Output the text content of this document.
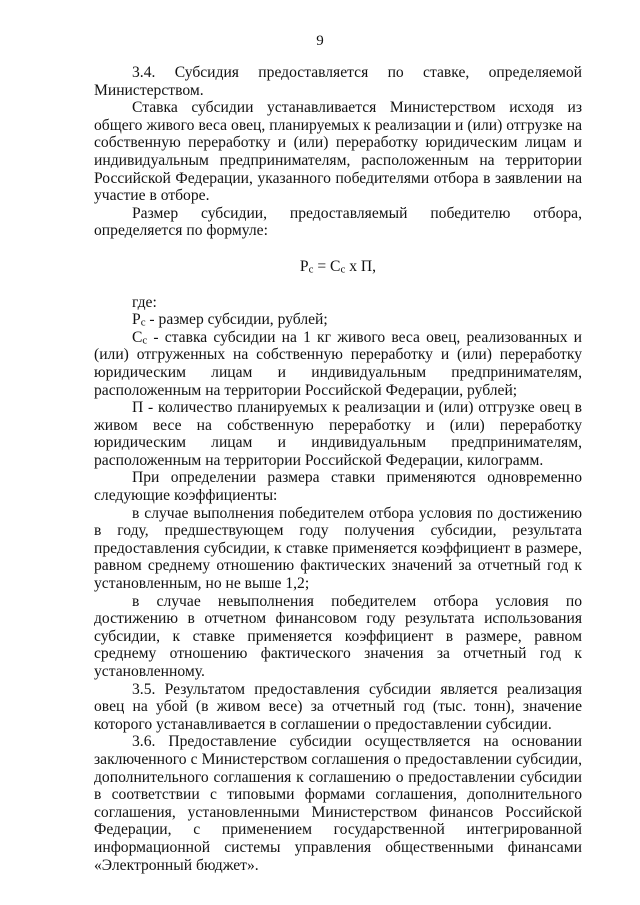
9

3.4. Субсидия предоставляется по ставке, определяемой Министерством.

Ставка субсидии устанавливается Министерством исходя из общего живого веса овец, планируемых к реализации и (или) отгрузке на собственную переработку и (или) переработку юридическим лицам и индивидуальным предпринимателям, расположенным на территории Российской Федерации, указанного победителями отбора в заявлении на участие в отборе.

Размер субсидии, предоставляемый победителю отбора, определяется по формуле:

$P_c = C_c$ x П,

где:

$P_c$ - размер субсидии, рублей;

$C_c$ - ставка субсидии на 1 кг живого веса овец, реализованных и (или) отгруженных на собственную переработку и (или) переработку юридическим лицам и индивидуальным предпринимателям, расположенным на территории Российской Федерации, рублей;

П - количество планируемых к реализации и (или) отгрузке овец в живом весе на собственную переработку и (или) переработку юридическим лицам и индивидуальным предпринимателям, расположенным на территории Российской Федерации, килограмм.

При определении размера ставки применяются одновременно следующие коэффициенты:

в случае выполнения победителем отбора условия по достижению в году, предшествующем году получения субсидии, результата предоставления субсидии, к ставке применяется коэффициент в размере, равном среднему отношению фактических значений за отчетный год к установленным, но не выше 1,2;

в случае невыполнения победителем отбора условия по достижению в отчетном финансовом году результата использования субсидии, к ставке применяется коэффициент в размере, равном среднему отношению фактического значения за отчетный год к установленному.

3.5. Результатом предоставления субсидии является реализация овец на убой (в живом весе) за отчетный год (тыс. тонн), значение которого устанавливается в соглашении о предоставлении субсидии.

3.6. Предоставление субсидии осуществляется на основании заключенного с Министерством соглашения о предоставлении субсидии, дополнительного соглашения к соглашению о предоставлении субсидии в соответствии с типовыми формами соглашения, дополнительного соглашения, установленными Министерством финансов Российской Федерации, с применением государственной интегрированной информационной системы управления общественными финансами «Электронный бюджет».
